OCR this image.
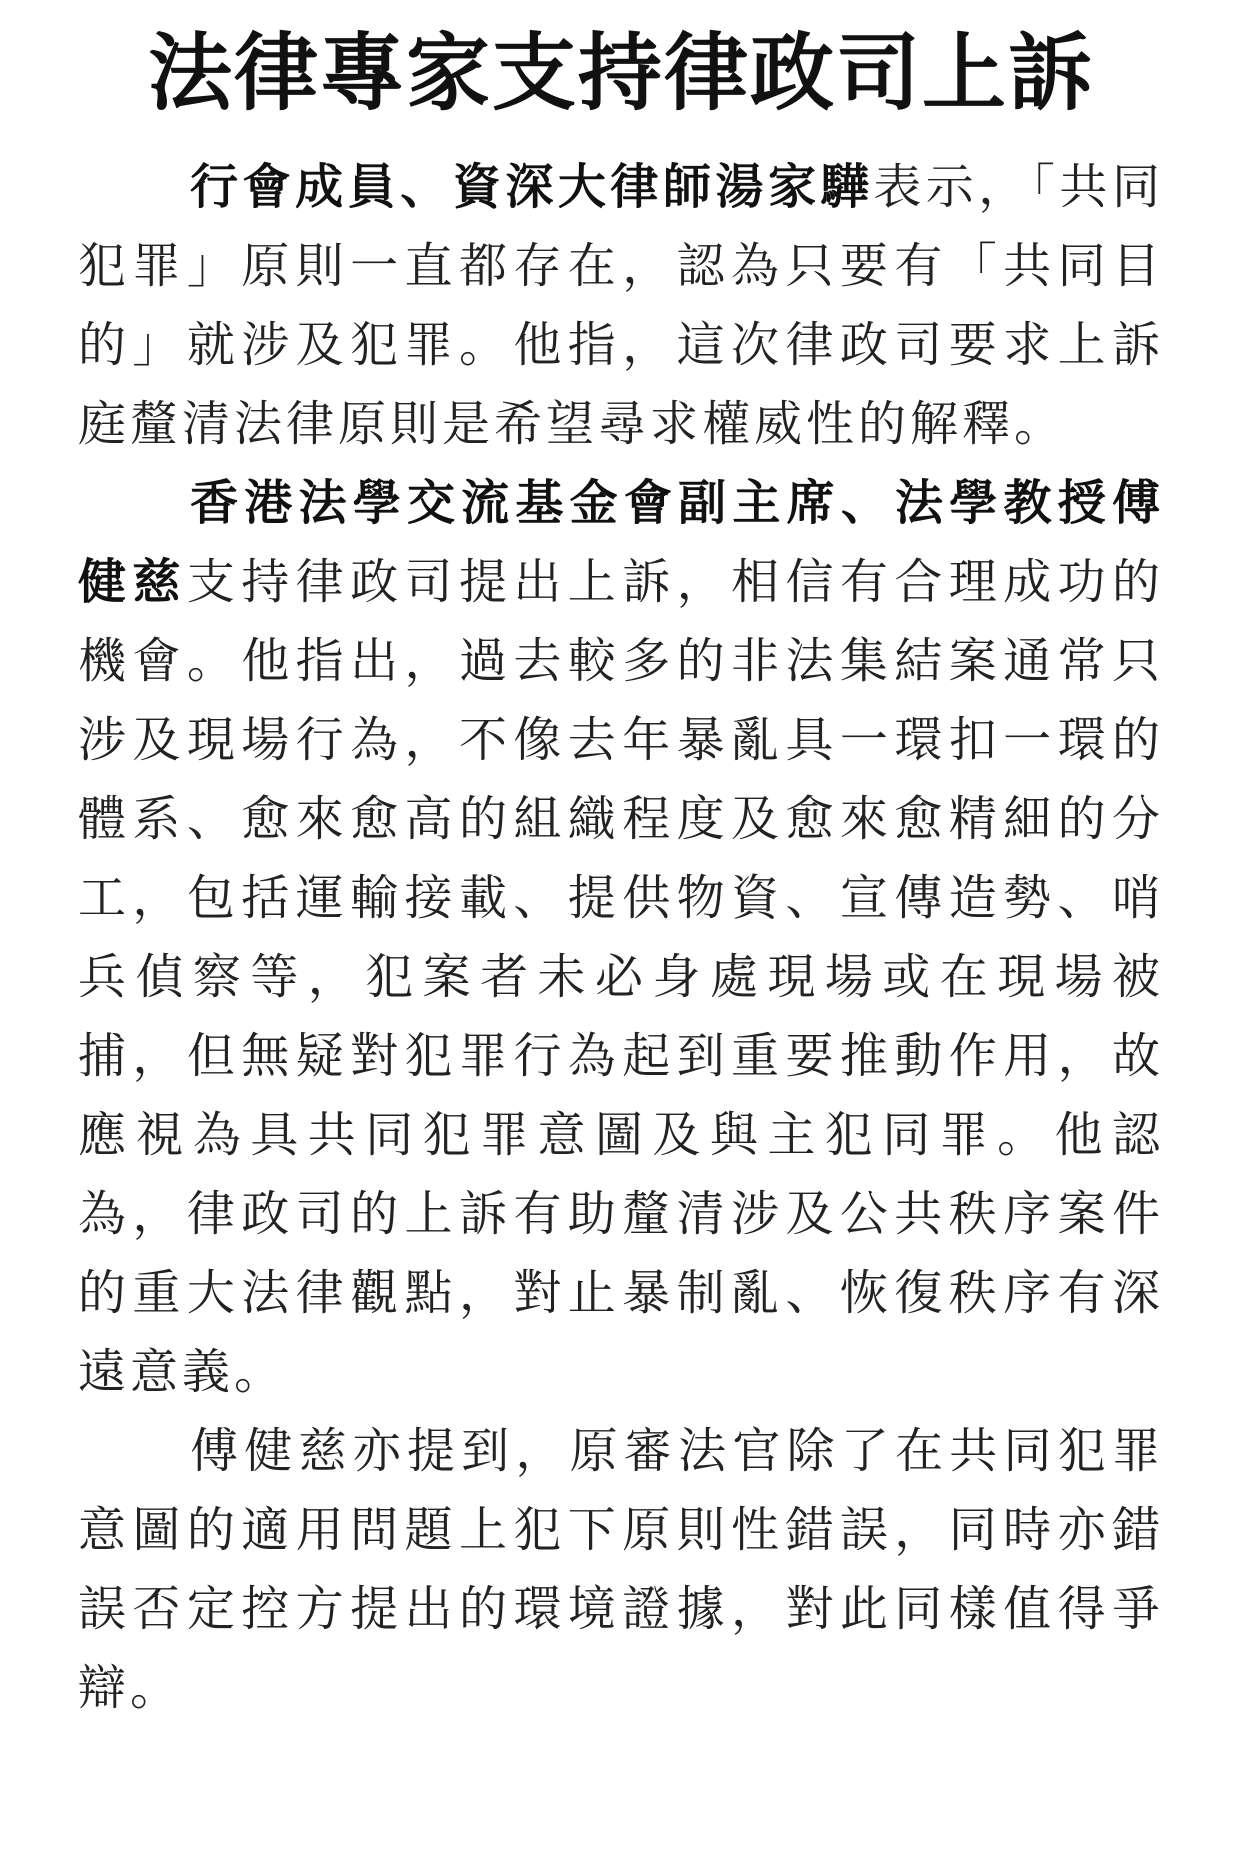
法律專家支持律政司上訴

行會成員、資深大律師湯家驊表示，「共同犯罪」原則一直都存在，認為只要有「共同目的」就涉及犯罪。他指，這次律政司要求上訴庭釐清法律原則是希望尋求權威性的解釋。

香港法學交流基金會副主席、法學教授傅健慈支持律政司提出上訴，相信有合理成功的機會。他指出，過去較多的非法集結案通常只涉及現場行為，不像去年暴亂具一環扣一環的體系、愈來愈高的組織程度及愈來愈精細的分工，包括運輸接載、提供物資、宣傳造勢、哨兵偵察等，犯案者未必身處現場或在現場被捕，但無疑對犯罪行為起到重要推動作用，故應視為具共同犯罪意圖及與主犯同罪。他認為，律政司的上訴有助釐清涉及公共秩序案件的重大法律觀點，對止暴制亂、恢復秩序有深遠意義。

傅健慈亦提到，原審法官除了在共同犯罪意圖的適用問題上犯下原則性錯誤，同時亦錯誤否定控方提出的環境證據，對此同樣值得爭辯。
